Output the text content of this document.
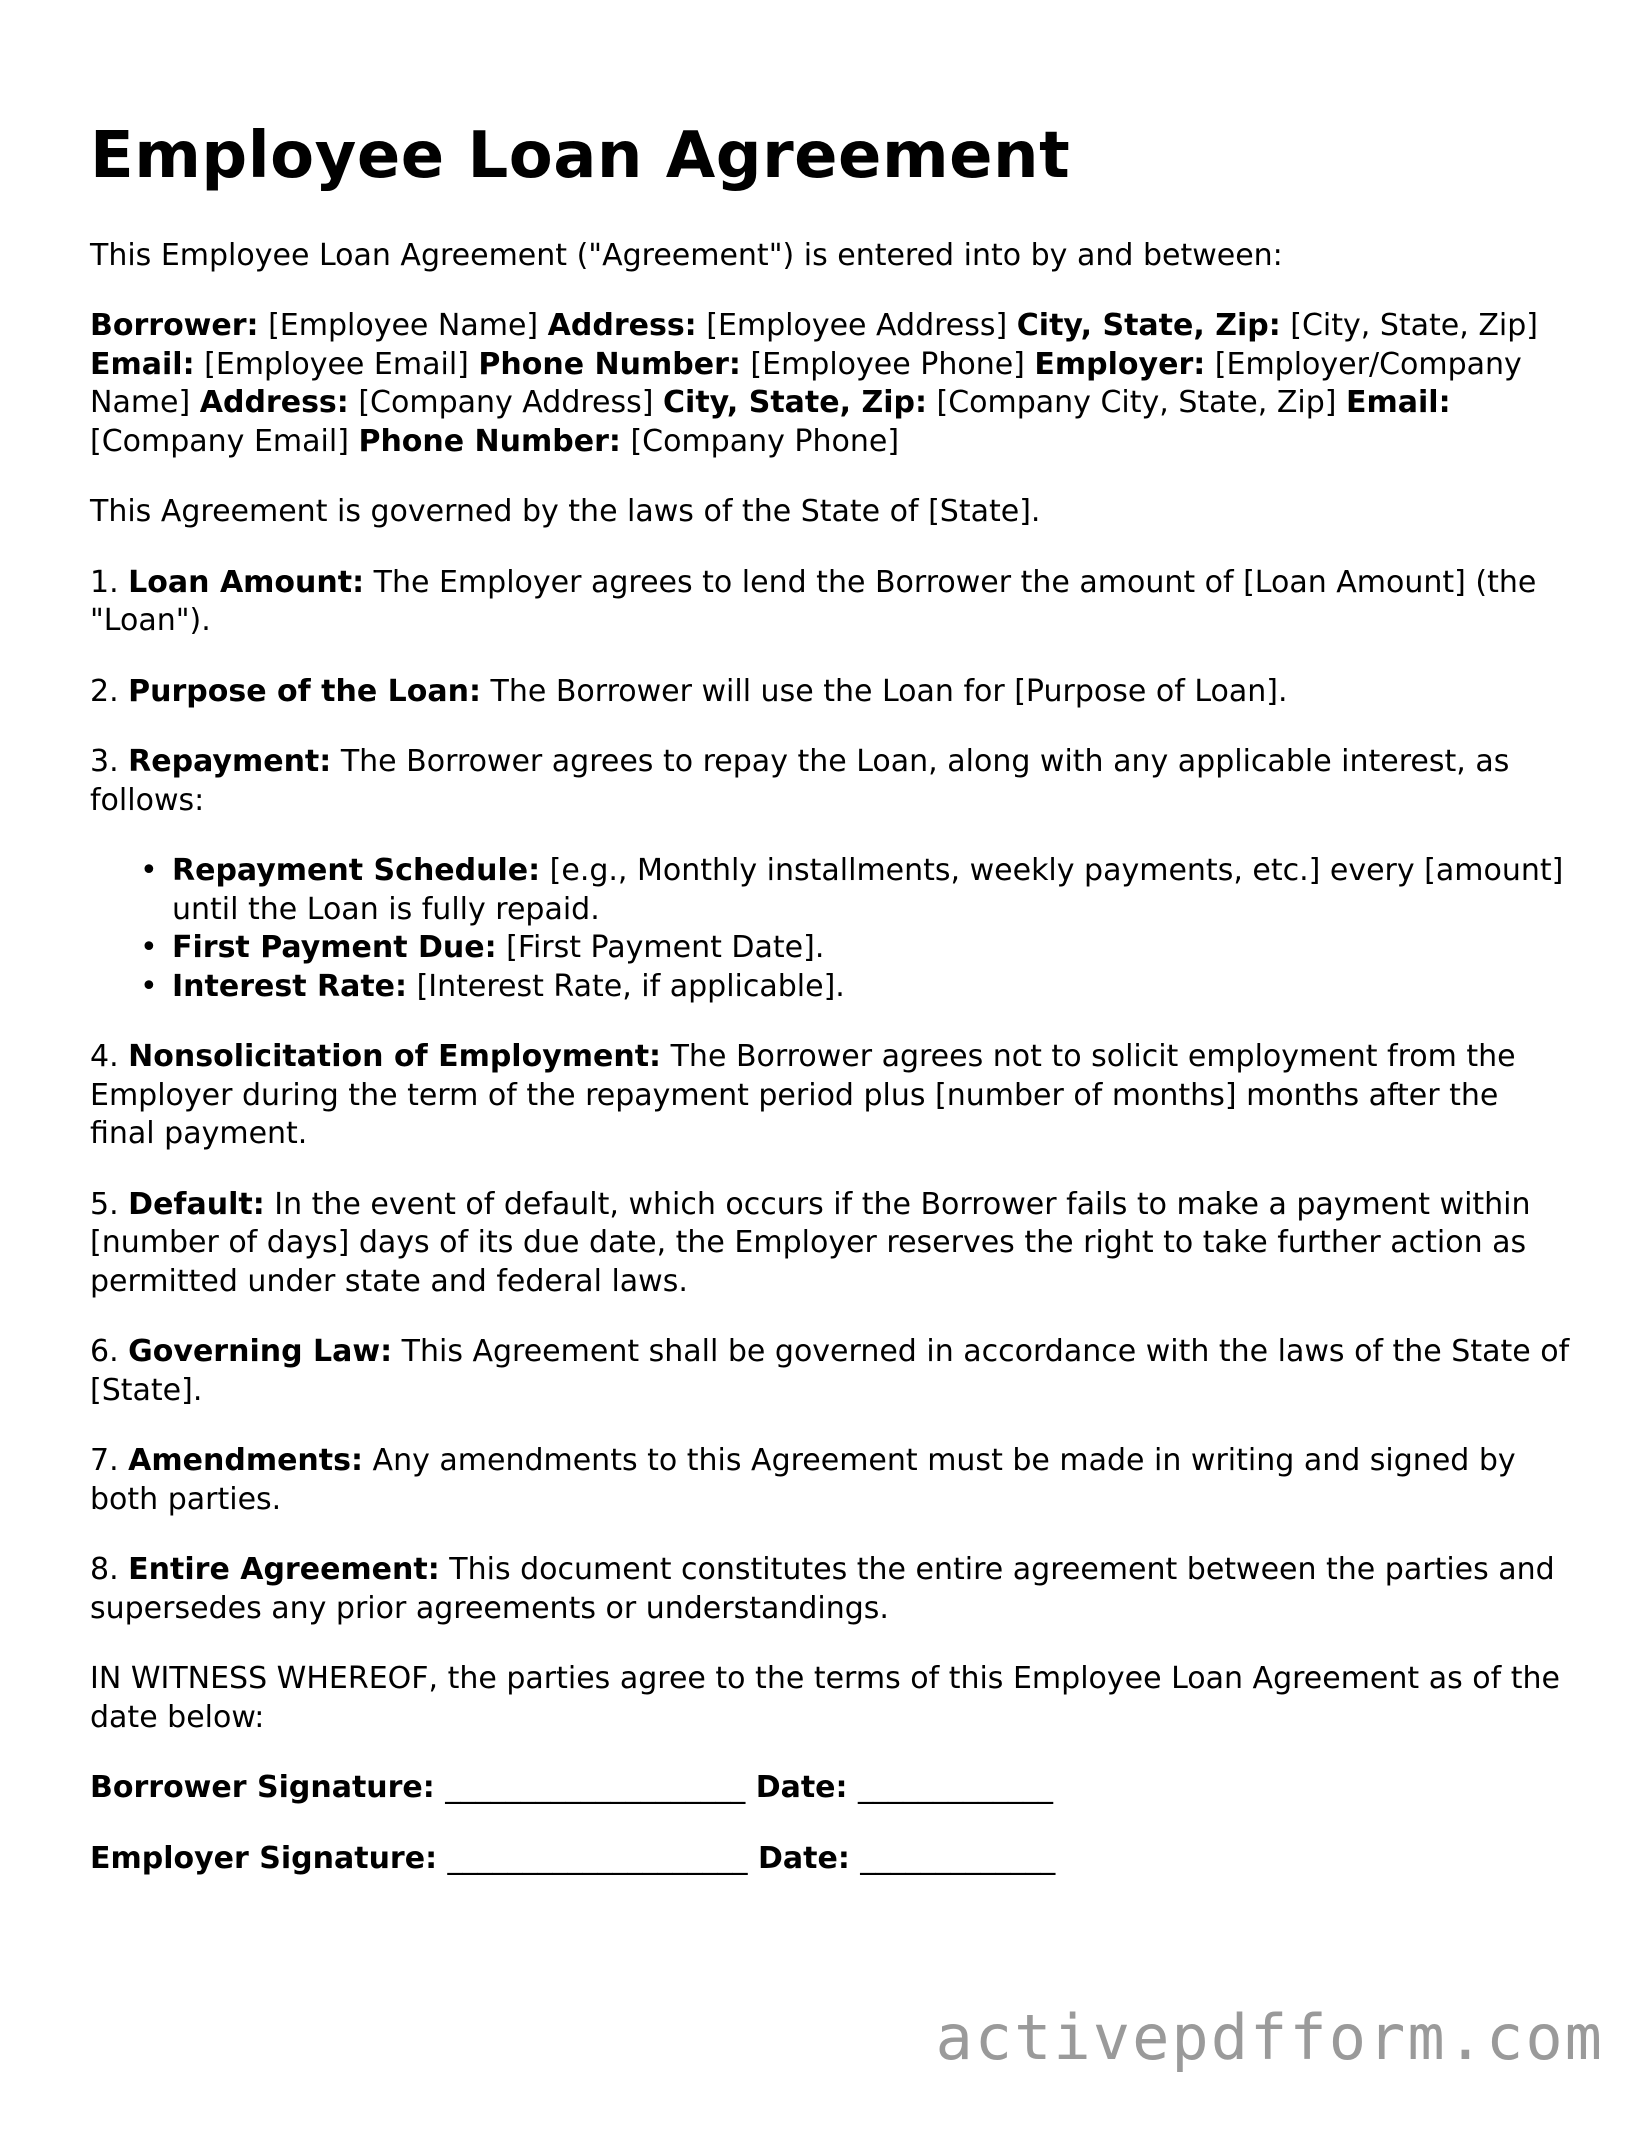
Employee Loan Agreement

This Employee Loan Agreement ("Agreement") is entered into by and between:

Borrower: [Employee Name] Address: [Employee Address] City, State, Zip: [City, State, Zip] Email: [Employee Email] Phone Number: [Employee Phone] Employer: [Employer/Company Name] Address: [Company Address] City, State, Zip: [Company City, State, Zip] Email: [Company Email] Phone Number: [Company Phone]

This Agreement is governed by the laws of the State of [State].

1. Loan Amount: The Employer agrees to lend the Borrower the amount of [Loan Amount] (the "Loan").

2. Purpose of the Loan: The Borrower will use the Loan for [Purpose of Loan].

3. Repayment: The Borrower agrees to repay the Loan, along with any applicable interest, as follows:

• Repayment Schedule: [e.g., Monthly installments, weekly payments, etc.] every [amount] until the Loan is fully repaid.
• First Payment Due: [First Payment Date].
• Interest Rate: [Interest Rate, if applicable].

4. Nonsolicitation of Employment: The Borrower agrees not to solicit employment from the Employer during the term of the repayment period plus [number of months] months after the final payment.

5. Default: In the event of default, which occurs if the Borrower fails to make a payment within [number of days] days of its due date, the Employer reserves the right to take further action as permitted under state and federal laws.

6. Governing Law: This Agreement shall be governed in accordance with the laws of the State of [State].

7. Amendments: Any amendments to this Agreement must be made in writing and signed by both parties.

8. Entire Agreement: This document constitutes the entire agreement between the parties and supersedes any prior agreements or understandings.

IN WITNESS WHEREOF, the parties agree to the terms of this Employee Loan Agreement as of the date below:

Borrower Signature: ____________________ Date: _____________

Employer Signature: ____________________ Date: _____________

activepdfform.com
